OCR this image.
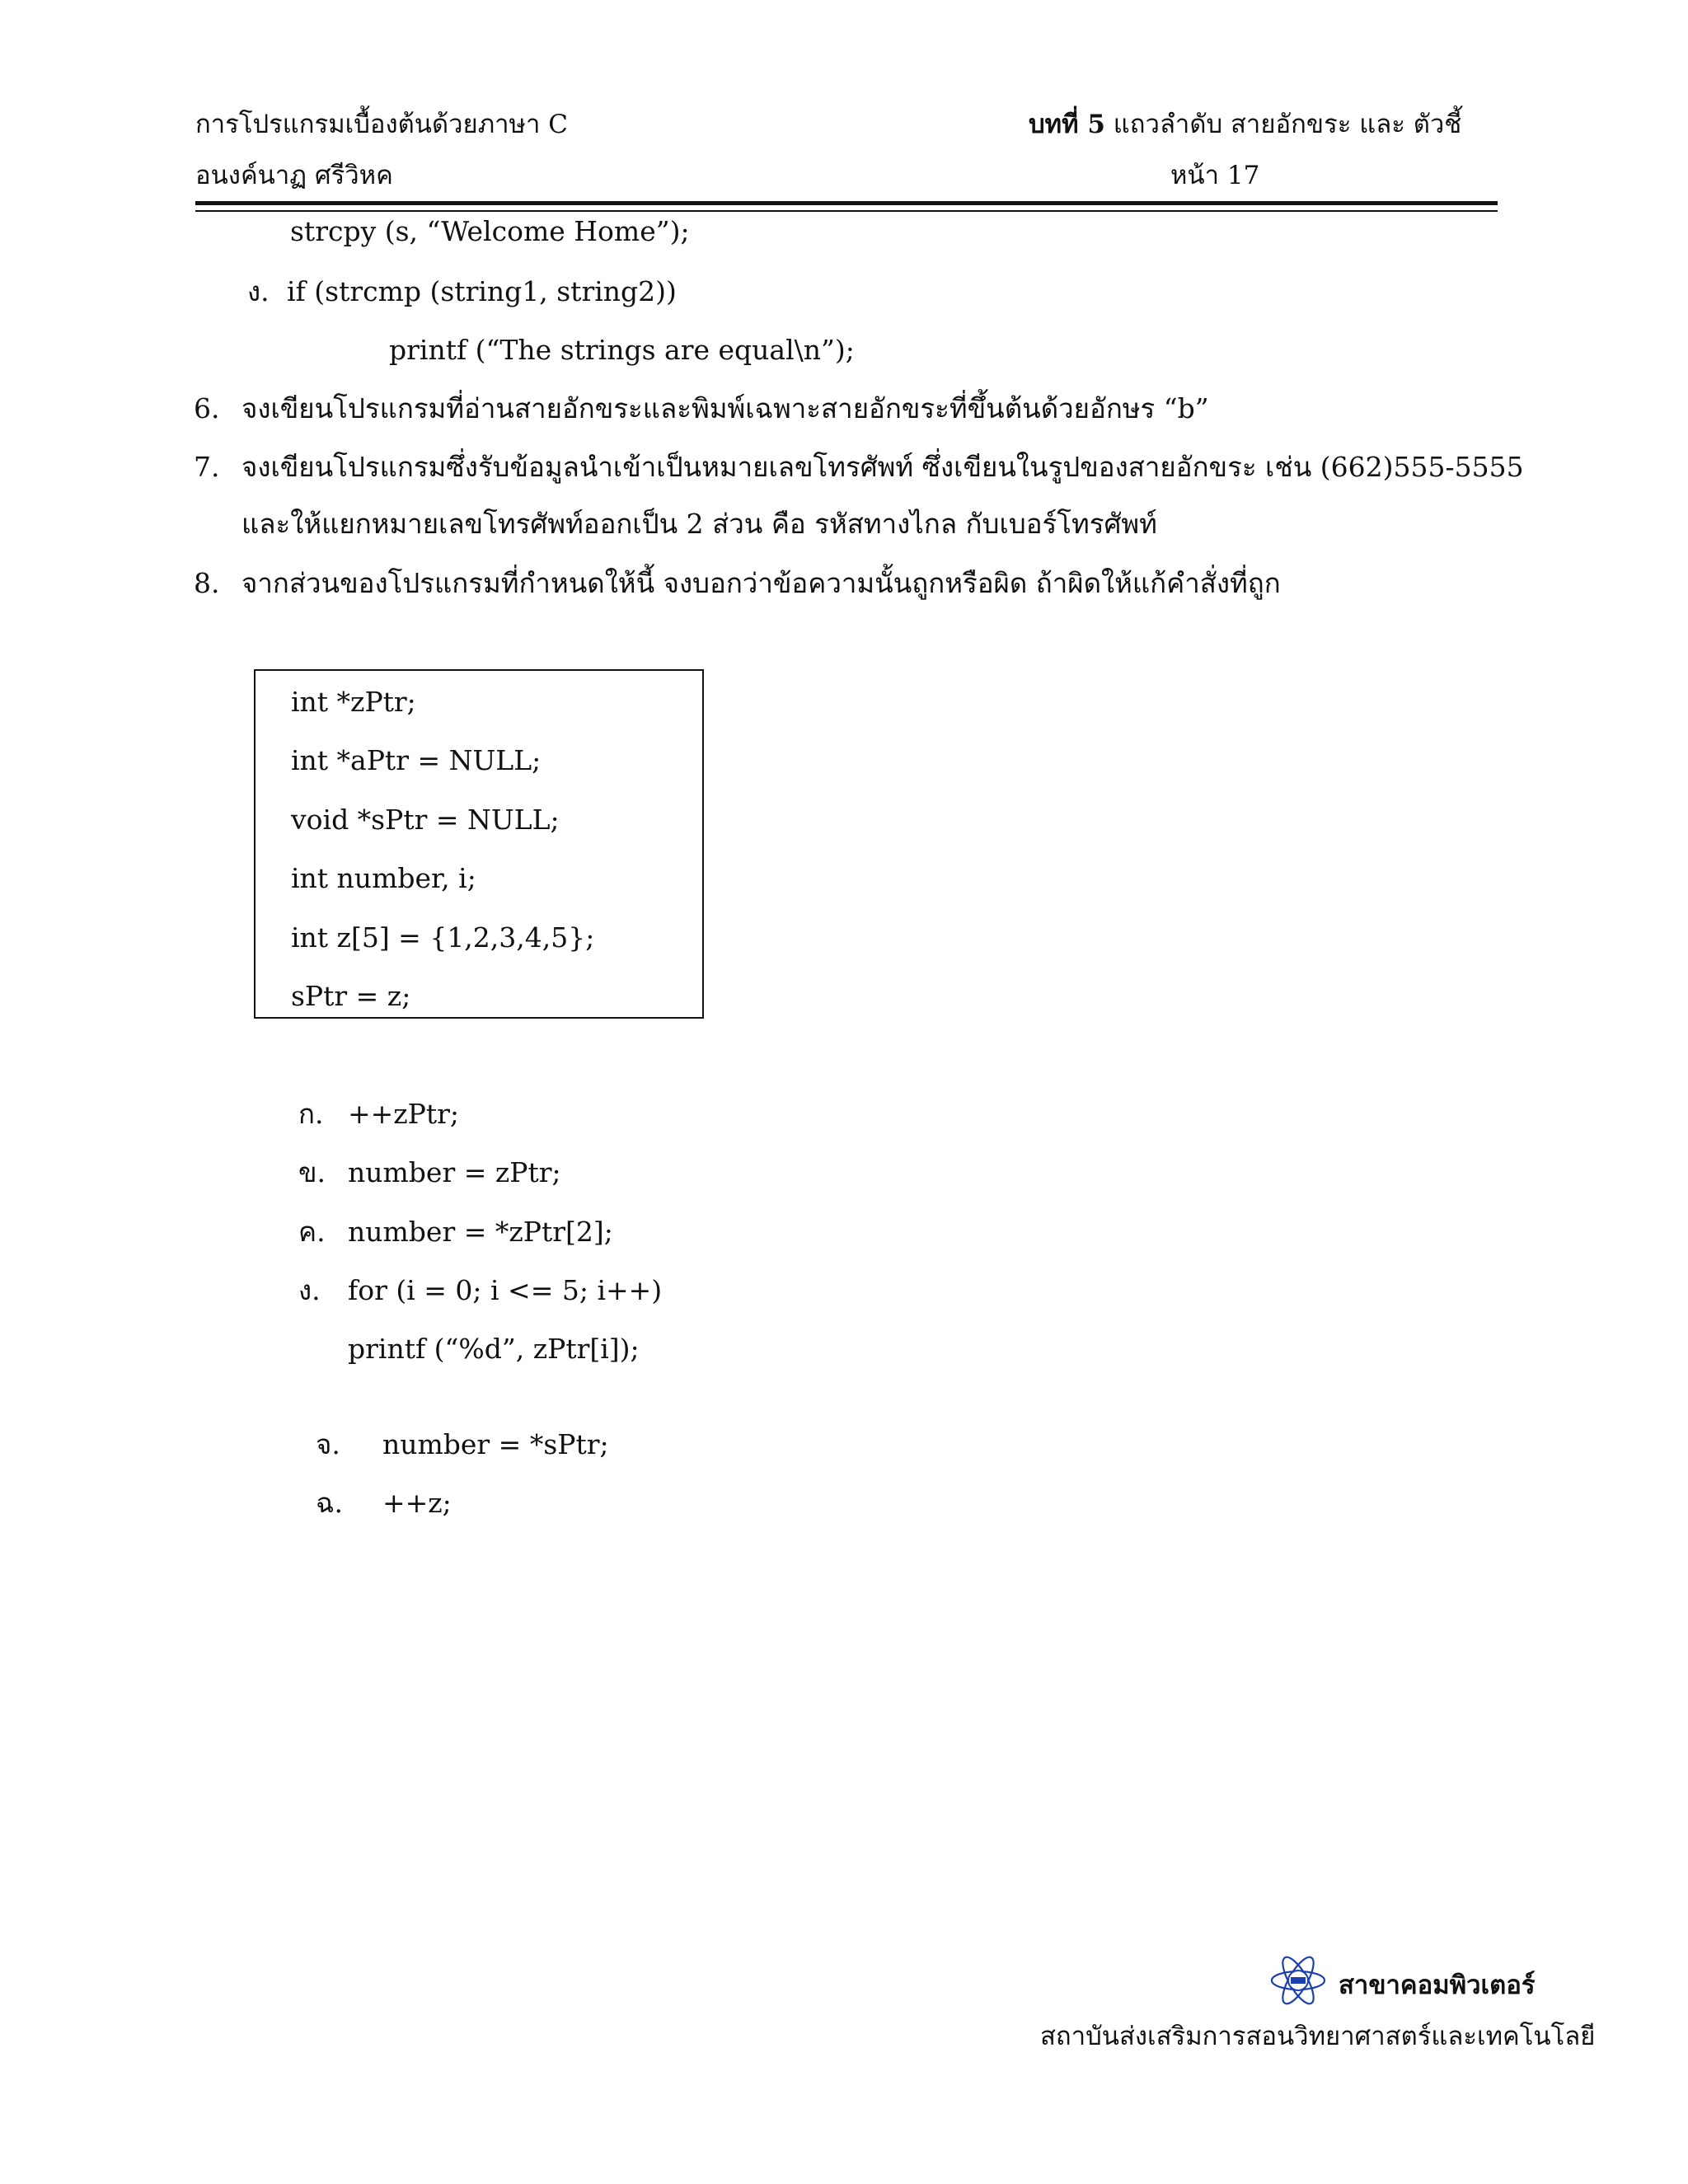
การโปรแกรมเบื้องต้นด้วยภาษา C	บทที่ 5 แถวลำดับ สายอักขระ และ ตัวชี้
อนงค์นาฏ ศรีวิหค	หน้า 17
strcpy (s, “Welcome Home”);
ง. if (strcmp (string1, string2))
printf (“The strings are equal\n”);
6. จงเขียนโปรแกรมที่อ่านสายอักขระและพิมพ์เฉพาะสายอักขระที่ขึ้นต้นด้วยอักษร “b”
7. จงเขียนโปรแกรมซึ่งรับข้อมูลนำเข้าเป็นหมายเลขโทรศัพท์ ซึ่งเขียนในรูปของสายอักขระ เช่น (662)555-5555
และให้แยกหมายเลขโทรศัพท์ออกเป็น 2 ส่วน คือ รหัสทางไกล กับเบอร์โทรศัพท์
8. จากส่วนของโปรแกรมที่กำหนดให้นี้ จงบอกว่าข้อความนั้นถูกหรือผิด ถ้าผิดให้แก้คำสั่งที่ถูก
int *zPtr;
int *aPtr = NULL;
void *sPtr = NULL;
int number, i;
int z[5] = {1,2,3,4,5};
sPtr = z;
ก. ++zPtr;
ข. number = zPtr;
ค. number = *zPtr[2];
ง. for (i = 0; i <= 5; i++)
printf (“%d”, zPtr[i]);

จ.  number = *sPtr;

ฉ.  ++z;

สาขาคอมพิวเตอร์
สถาบันส่งเสริมการสอนวิทยาศาสตร์และเทคโนโลยี
